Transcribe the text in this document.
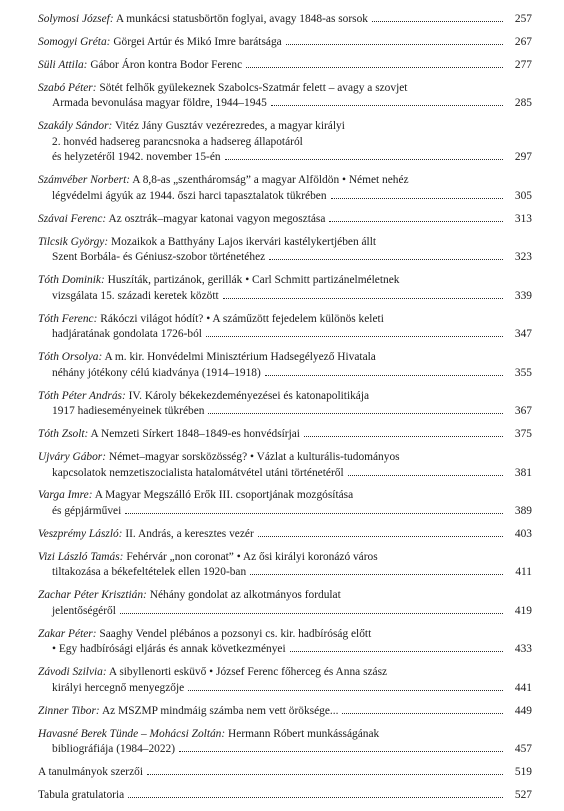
Solymosi József: A munkácsi statusbörtön foglyai, avagy 1848-as sorsok	257
Somogyi Gréta: Görgei Artúr és Mikó Imre barátsága	267
Süli Attila: Gábor Áron kontra Bodor Ferenc	277
Szabó Péter: Sötét felhők gyülekeznek Szabolcs-Szatmár felett – avagy a szovjet
Armada bevonulása magyar földre, 1944–1945	285
Szakály Sándor: Vitéz Jány Gusztáv vezérezredes, a magyar királyi
2. honvéd hadsereg parancsnoka a hadsereg állapotáról
és helyzetéről 1942. november 15-én	297
Számvéber Norbert: A 8,8-as „szentháromság” a magyar Alföldön • Német nehéz
légvédelmi ágyúk az 1944. őszi harci tapasztalatok tükrében	305
Szávai Ferenc: Az osztrák–magyar katonai vagyon megosztása	313
Tilcsik György: Mozaikok a Batthyány Lajos ikervári kastélykertjében állt
Szent Borbála- és Géniusz-szobor történetéhez	323
Tóth Dominik: Huszíták, partizánok, gerillák • Carl Schmitt partizánelméletnek
vizsgálata 15. századi keretek között	339
Tóth Ferenc: Rákóczi világot hódít? • A száműzött fejedelem különös keleti
hadjáratának gondolata 1726-ból	347
Tóth Orsolya: A m. kir. Honvédelmi Minisztérium Hadsegélyező Hivatala
néhány jótékony célú kiadványa (1914–1918)	355
Tóth Péter András: IV. Károly békekezdeményezései és katonapolitikája
1917 hadieseményeinek tükrében	367
Tóth Zsolt: A Nemzeti Sírkert 1848–1849-es honvédsírjai	375
Ujváry Gábor: Német–magyar sorsközösség? • Vázlat a kulturális-tudományos
kapcsolatok nemzetiszocialista hatalomátvétel utáni történetéről	381
Varga Imre: A Magyar Megszálló Erők III. csoportjának mozgósítása
és gépjárművei	389
Veszprémy László: II. András, a keresztes vezér	403
Vizi László Tamás: Fehérvár „non coronat” • Az ősi királyi koronázó város
tiltakozása a békefeltételek ellen 1920-ban	411
Zachar Péter Krisztián: Néhány gondolat az alkotmányos fordulat
jelentőségéről	419
Zakar Péter: Saaghy Vendel plébános a pozsonyi cs. kir. hadbíróság előtt
• Egy hadbírósági eljárás és annak következményei	433
Závodi Szilvia: A sibyllenorti esküvő • József Ferenc főherceg és Anna szász
királyi hercegnő menyegzője	441
Zinner Tibor: Az MSZMP mindmáig számba nem vett öröksége...	449
Havasné Berek Tünde – Mohácsi Zoltán: Hermann Róbert munkásságának
bibliográfiája (1984–2022)	457
A tanulmányok szerzői	519
Tabula gratulatoria	527
